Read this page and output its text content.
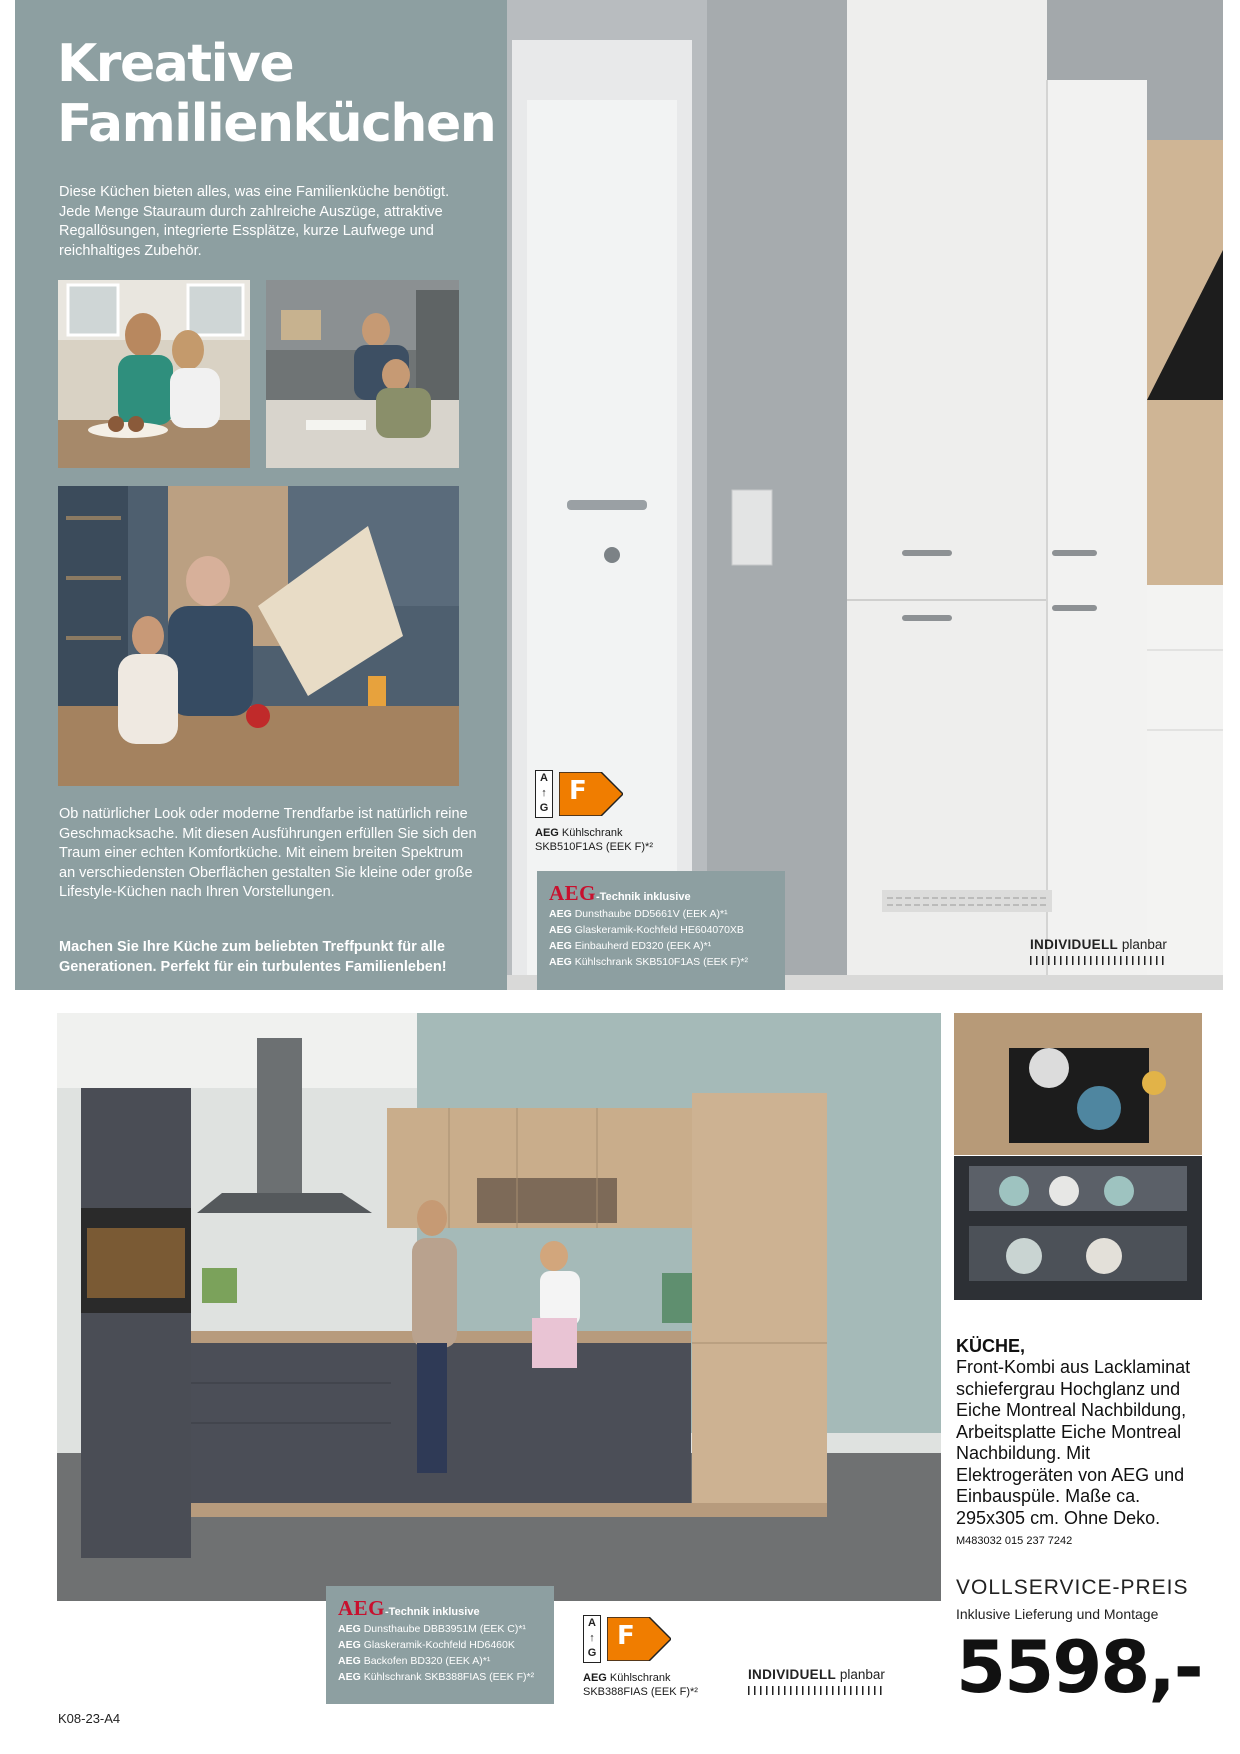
Kreative
Familienküchen

Diese Küchen bieten alles, was eine Familienküche benötigt. Jede Menge Stauraum durch zahlreiche Auszüge, attraktive Regallösungen, integrierte Essplätze, kurze Laufwege und reichhaltiges Zubehör.

Ob natürlicher Look oder moderne Trendfarbe ist natürlich reine Geschmacksache. Mit diesen Ausführungen erfüllen Sie sich den Traum einer echten Komfortküche. Mit einem breiten Spektrum an verschiedensten Oberflächen gestalten Sie kleine oder große Lifestyle-Küchen nach Ihren Vorstellungen.

Machen Sie Ihre Küche zum beliebten Treffpunkt für alle Generationen. Perfekt für ein turbulentes Familienleben!

A
↑
G
F
AEG Kühlschrank
SKB510F1AS (EEK F)*²
AEG-Technik inklusive
AEG Dunsthaube DD5661V (EEK A)*¹
AEG Glaskeramik-Kochfeld HE604070XB
AEG Einbauherd ED320 (EEK A)*¹
AEG Kühlschrank SKB510F1AS (EEK F)*²
INDIVIDUELL planbar
AEG-Technik inklusive
AEG Dunsthaube DBB3951M (EEK C)*¹
AEG Glaskeramik-Kochfeld HD6460K
AEG Backofen BD320 (EEK A)*¹
AEG Kühlschrank SKB388FIAS (EEK F)*²
A
↑
G
F
AEG Kühlschrank
SKB388FIAS (EEK F)*²
INDIVIDUELL planbar
KÜCHE,
Front-Kombi aus Lacklaminat schiefergrau Hochglanz und Eiche Montreal Nachbildung, Arbeitsplatte Eiche Montreal Nachbildung. Mit Elektrogeräten von AEG und Einbauspüle. Maße ca. 295x305 cm. Ohne Deko.
M483032 015 237 7242
VOLLSERVICE-PREIS
Inklusive Lieferung und Montage
5598,-
K08-23-A4
